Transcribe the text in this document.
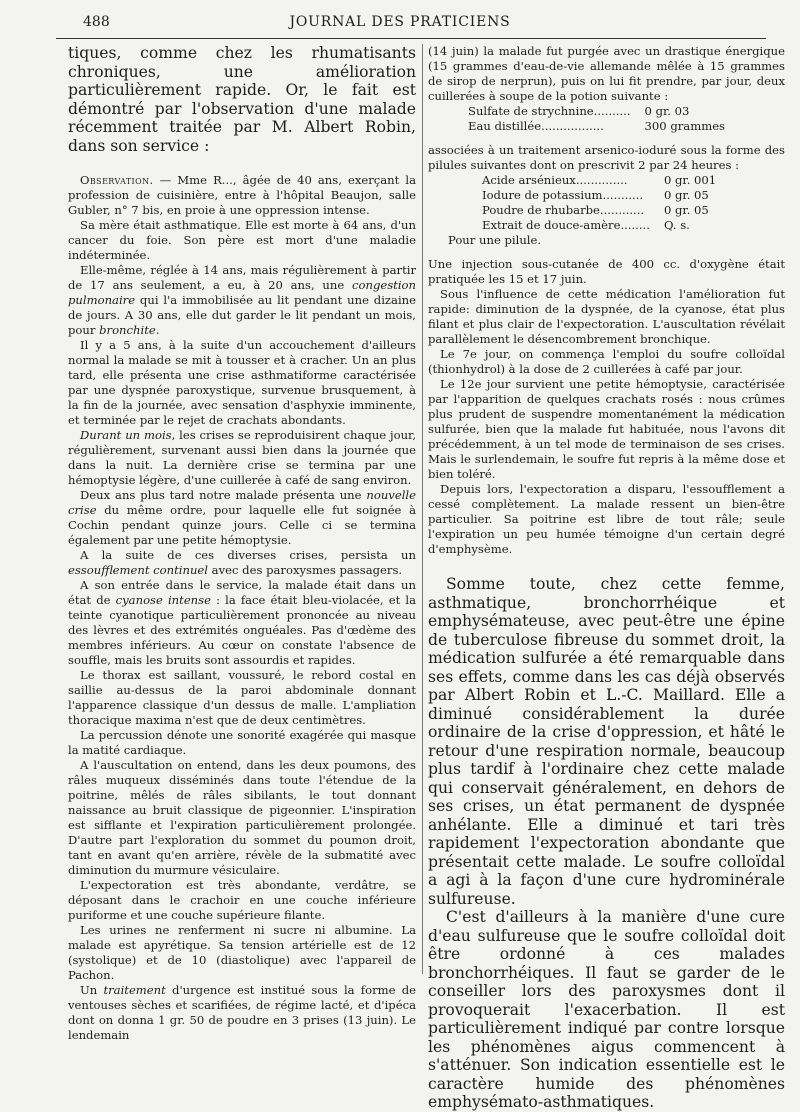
488	JOURNAL DES PRATICIENS

tiques, comme chez les rhumatisants chroniques, une amélioration particulièrement rapide. Or, le fait est démontré par l'observation d'une malade récemment traitée par M. Albert Robin, dans son service :

Observation. — Mme R..., âgée de 40 ans, exerçant la profession de cuisinière, entre à l'hôpital Beaujon, salle Gubler, n° 7 bis, en proie à une oppression intense.

Sa mère était asthmatique. Elle est morte à 64 ans, d'un cancer du foie. Son père est mort d'une maladie indéterminée.

Elle-même, réglée à 14 ans, mais régulièrement à partir de 17 ans seulement, a eu, à 20 ans, une congestion pulmonaire qui l'a immobilisée au lit pendant une dizaine de jours. A 30 ans, elle dut garder le lit pendant un mois, pour bronchite.

Il y a 5 ans, à la suite d'un accouchement d'ailleurs normal la malade se mit à tousser et à cracher. Un an plus tard, elle présenta une crise asthmatiforme caractérisée par une dyspnée paroxystique, survenue brusquement, à la fin de la journée, avec sensation d'asphyxie imminente, et terminée par le rejet de crachats abondants.

Durant un mois, les crises se reproduisirent chaque jour, régulièrement, survenant aussi bien dans la journée que dans la nuit. La dernière crise se termina par une hémoptysie légère, d'une cuillerée à café de sang environ.

Deux ans plus tard notre malade présenta une nouvelle crise du même ordre, pour laquelle elle fut soignée à Cochin pendant quinze jours. Celle ci se termina également par une petite hémoptysie.

A la suite de ces diverses crises, persista un essoufflement continuel avec des paroxysmes passagers.

A son entrée dans le service, la malade était dans un état de cyanose intense : la face était bleu-violacée, et la teinte cyanotique particulièrement prononcée au niveau des lèvres et des extrémités onguéales. Pas d'œdème des membres inférieurs. Au cœur on constate l'absence de souffle, mais les bruits sont assourdis et rapides.

Le thorax est saillant, voussuré, le rebord costal en saillie au-dessus de la paroi abdominale donnant l'apparence classique d'un dessus de malle. L'ampliation thoracique maxima n'est que de deux centimètres.

La percussion dénote une sonorité exagérée qui masque la matité cardiaque.

A l'auscultation on entend, dans les deux poumons, des râles muqueux disséminés dans toute l'étendue de la poitrine, mêlés de râles sibilants, le tout donnant naissance au bruit classique de pigeonnier. L'inspiration est sifflante et l'expiration particulièrement prolongée. D'autre part l'exploration du sommet du poumon droit, tant en avant qu'en arrière, révèle de la submatité avec diminution du murmure vésiculaire.

L'expectoration est très abondante, verdâtre, se déposant dans le crachoir en une couche inférieure puriforme et une couche supérieure filante.

Les urines ne renferment ni sucre ni albumine. La malade est apyrétique. Sa tension artérielle est de 12 (systolique) et de 10 (diastolique) avec l'appareil de Pachon.

Un traitement d'urgence est institué sous la forme de ventouses sèches et scarifiées, de régime lacté, et d'ipéca dont on donna 1 gr. 50 de poudre en 3 prises (13 juin). Le lendemain

(14 juin) la malade fut purgée avec un drastique énergique (15 grammes d'eau-de-vie allemande mêlée à 15 grammes de sirop de nerprun), puis on lui fit prendre, par jour, deux cuillerées à soupe de la potion suivante :

Sulfate de strychnine..........	0 gr. 03
Eau distillée.................	300 grammes

associées à un traitement arsenico-ioduré sous la forme des pilules suivantes dont on prescrivit 2 par 24 heures :

Acide arsénieux..............	0 gr. 001
Iodure de potassium...........	0 gr. 05
Poudre de rhubarbe............	0 gr. 05
Extrait de douce-amère........	Q. s.

Pour une pilule.

Une injection sous-cutanée de 400 cc. d'oxygène était pratiquée les 15 et 17 juin.

Sous l'influence de cette médication l'amélioration fut rapide: diminution de la dyspnée, de la cyanose, état plus filant et plus clair de l'expectoration. L'auscultation révélait parallèlement le désencombrement bronchique.

Le 7e jour, on commença l'emploi du soufre colloïdal (thionhydrol) à la dose de 2 cuillerées à café par jour.

Le 12e jour survient une petite hémoptysie, caractérisée par l'apparition de quelques crachats rosés : nous crûmes plus prudent de suspendre momentanément la médication sulfurée, bien que la malade fut habituée, nous l'avons dit précédemment, à un tel mode de terminaison de ses crises. Mais le surlendemain, le soufre fut repris à la même dose et bien toléré.

Depuis lors, l'expectoration a disparu, l'essoufflement a cessé complètement. La malade ressent un bien-être particulier. Sa poitrine est libre de tout râle; seule l'expiration un peu humée témoigne d'un certain degré d'emphysème.

Somme toute, chez cette femme, asthmatique, bronchorrhéique et emphysémateuse, avec peut-être une épine de tuberculose fibreuse du sommet droit, la médication sulfurée a été remarquable dans ses effets, comme dans les cas déjà observés par Albert Robin et L.-C. Maillard. Elle a diminué considérablement la durée ordinaire de la crise d'oppression, et hâté le retour d'une respiration normale, beaucoup plus tardif à l'ordinaire chez cette malade qui conservait généralement, en dehors de ses crises, un état permanent de dyspnée anhélante. Elle a diminué et tari très rapidement l'expectoration abondante que présentait cette malade. Le soufre colloïdal a agi à la façon d'une cure hydrominérale sulfureuse.

C'est d'ailleurs à la manière d'une cure d'eau sulfureuse que le soufre colloïdal doit être ordonné à ces malades bronchorrhéiques. Il faut se garder de le conseiller lors des paroxysmes dont il provoquerait l'exacerbation. Il est particulièrement indiqué par contre lorsque les phénomènes aigus commencent à s'atténuer. Son indication essentielle est le caractère humide des phénomènes emphysémato-asthmatiques.
